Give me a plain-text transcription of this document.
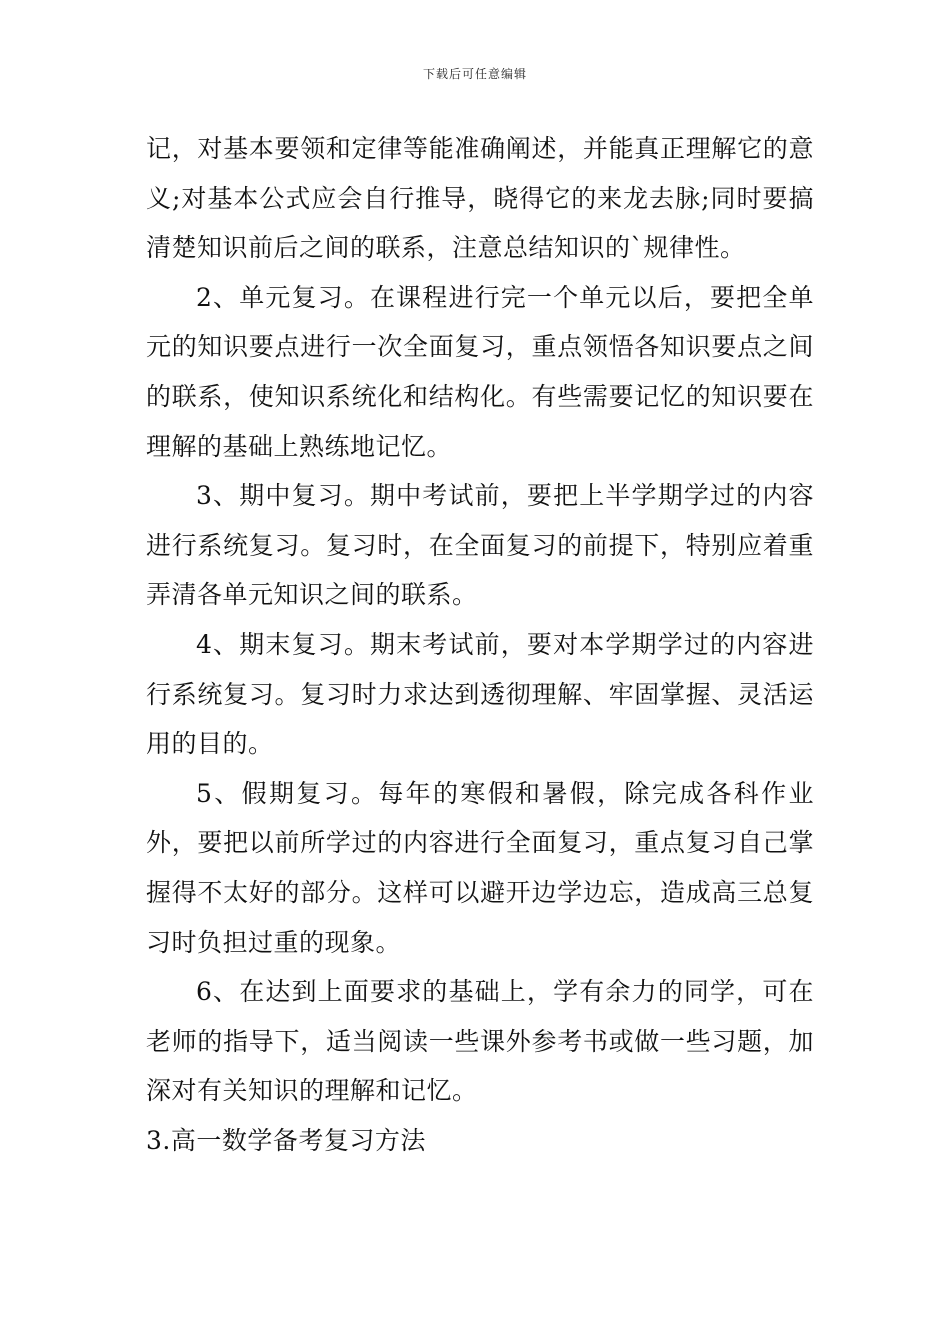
下载后可任意编辑

记，对基本要领和定律等能准确阐述，并能真正理解它的意义;对基本公式应会自行推导，晓得它的来龙去脉;同时要搞清楚知识前后之间的联系，注意总结知识的`规律性。

2、单元复习。在课程进行完一个单元以后，要把全单元的知识要点进行一次全面复习，重点领悟各知识要点之间的联系，使知识系统化和结构化。有些需要记忆的知识要在理解的基础上熟练地记忆。

3、期中复习。期中考试前，要把上半学期学过的内容进行系统复习。复习时，在全面复习的前提下，特别应着重弄清各单元知识之间的联系。

4、期末复习。期末考试前，要对本学期学过的内容进行系统复习。复习时力求达到透彻理解、牢固掌握、灵活运用的目的。

5、假期复习。每年的寒假和暑假，除完成各科作业外，要把以前所学过的内容进行全面复习，重点复习自己掌握得不太好的部分。这样可以避开边学边忘，造成高三总复习时负担过重的现象。

6、在达到上面要求的基础上，学有余力的同学，可在老师的指导下，适当阅读一些课外参考书或做一些习题，加深对有关知识的理解和记忆。

3.高一数学备考复习方法
